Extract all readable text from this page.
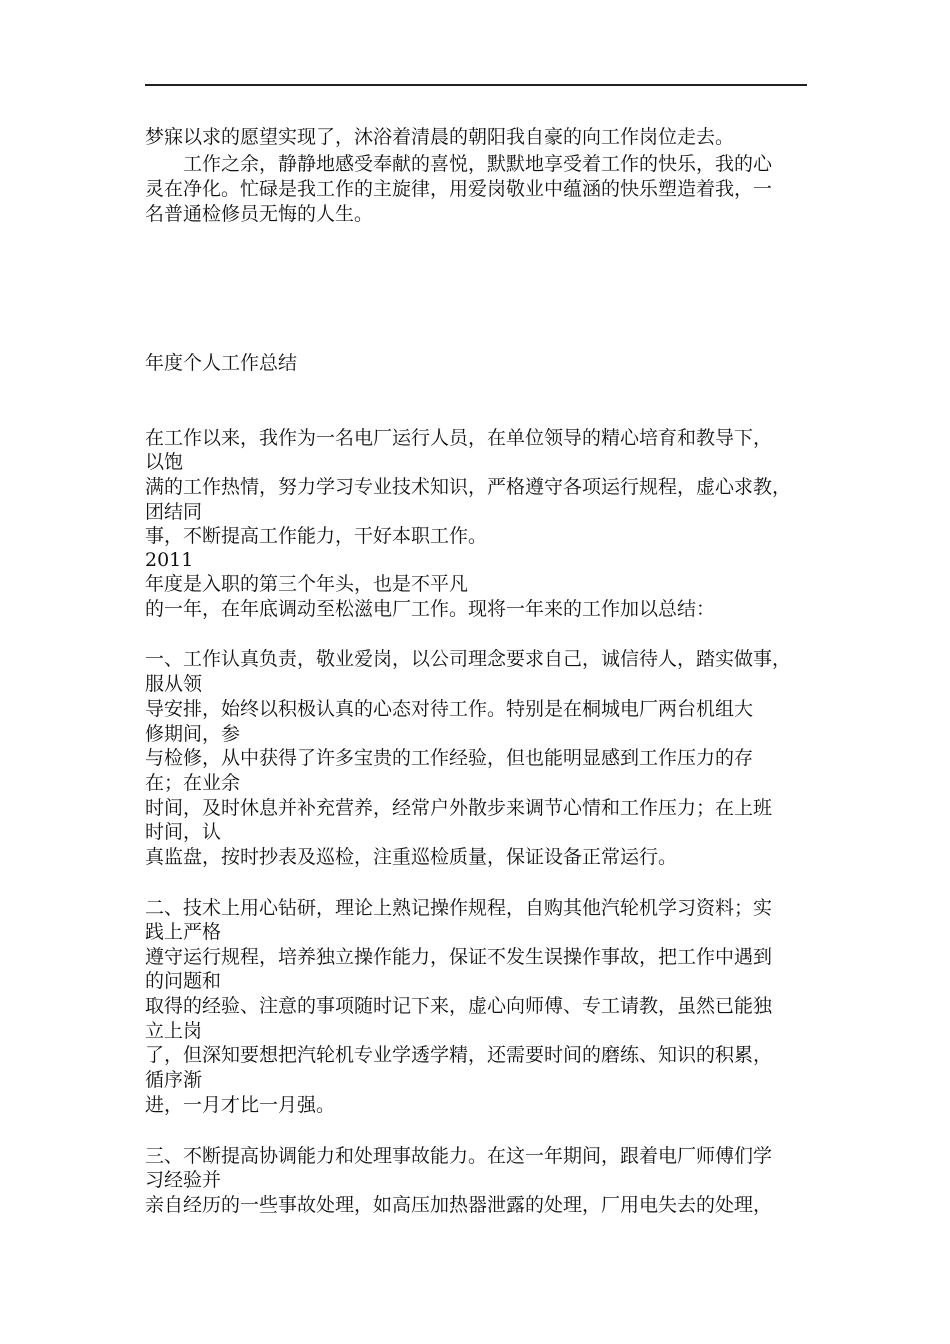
梦寐以求的愿望实现了，沐浴着清晨的朝阳我自豪的向工作岗位走去。
　　工作之余，静静地感受奉献的喜悦，默默地享受着工作的快乐，我的心
灵在净化。忙碌是我工作的主旋律，用爱岗敬业中蕴涵的快乐塑造着我，一
名普通检修员无悔的人生。
年度个人工作总结
在工作以来，我作为一名电厂运行人员，在单位领导的精心培育和教导下，
以饱
满的工作热情，努力学习专业技术知识，严格遵守各项运行规程，虚心求教，
团结同
事，不断提高工作能力，干好本职工作。
2011
年度是入职的第三个年头，也是不平凡
的一年，在年底调动至松滋电厂工作。现将一年来的工作加以总结：
一、工作认真负责，敬业爱岗，以公司理念要求自己，诚信待人，踏实做事，
服从领
导安排，始终以积极认真的心态对待工作。特别是在桐城电厂两台机组大
修期间，参
与检修，从中获得了许多宝贵的工作经验，但也能明显感到工作压力的存
在；在业余
时间，及时休息并补充营养，经常户外散步来调节心情和工作压力；在上班
时间，认
真监盘，按时抄表及巡检，注重巡检质量，保证设备正常运行。
二、技术上用心钻研，理论上熟记操作规程，自购其他汽轮机学习资料；实
践上严格
遵守运行规程，培养独立操作能力，保证不发生误操作事故，把工作中遇到
的问题和
取得的经验、注意的事项随时记下来，虚心向师傅、专工请教，虽然已能独
立上岗
了，但深知要想把汽轮机专业学透学精，还需要时间的磨练、知识的积累，
循序渐
进，一月才比一月强。
三、不断提高协调能力和处理事故能力。在这一年期间，跟着电厂师傅们学
习经验并
亲自经历的一些事故处理，如高压加热器泄露的处理，厂用电失去的处理，
